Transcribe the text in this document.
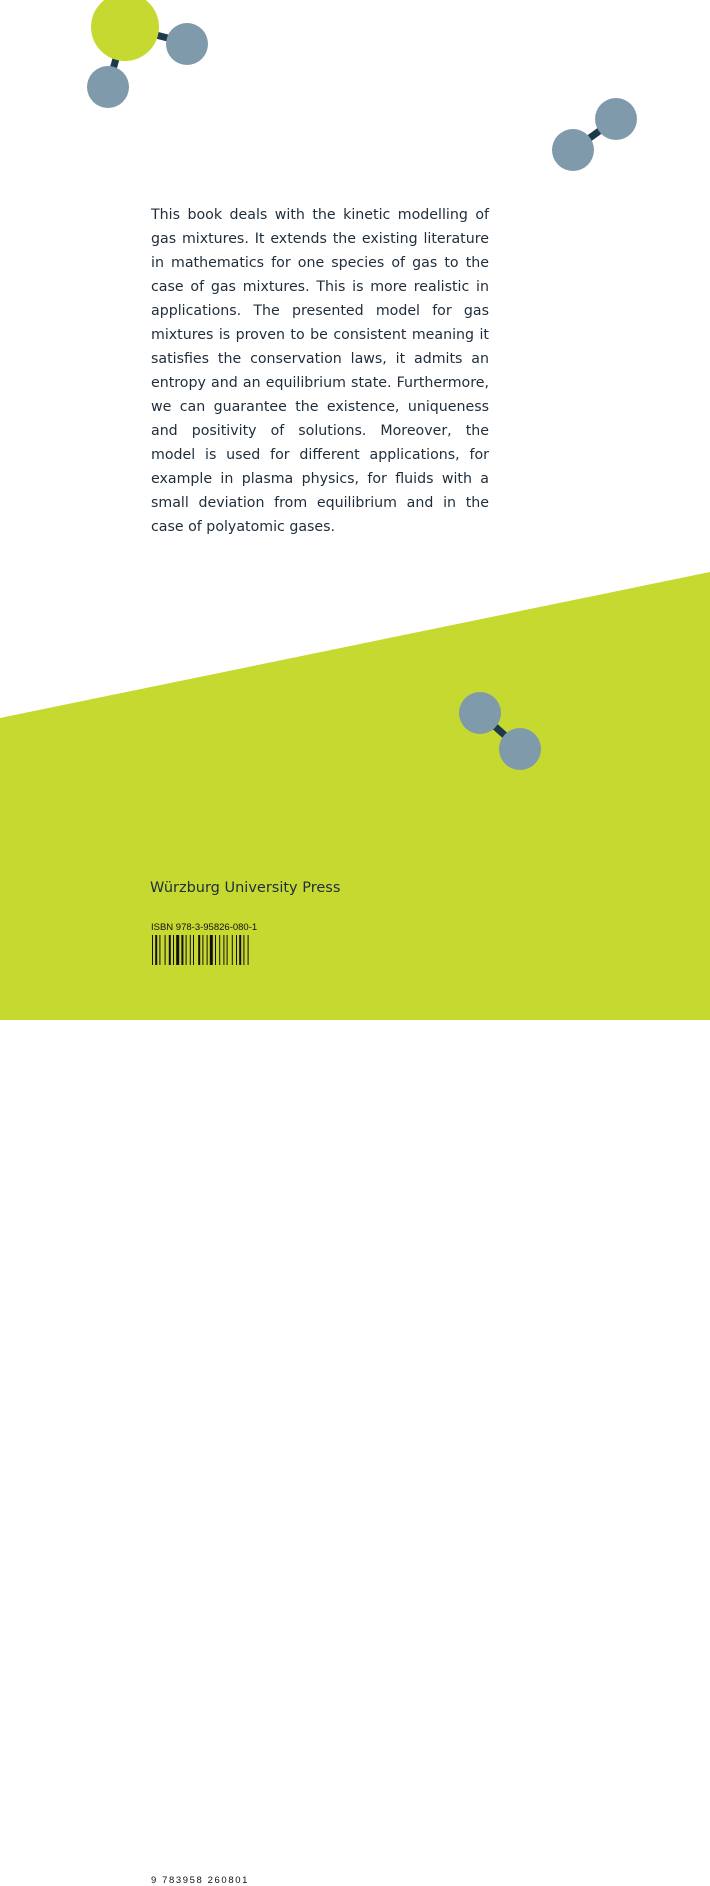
This book deals with the kinetic modelling of gas mixtures. It extends the existing literature in mathematics for one species of gas to the case of gas mixtures. This is more realistic in applications. The presented model for gas mixtures is proven to be consistent meaning it satisfies the conservation laws, it admits an entropy and an equilibrium state. Furthermore, we can guarantee the existence, uniqueness and positivity of solutions. Moreover, the model is used for different applications, for example in plasma physics, for fluids with a small deviation from equilibrium and in the case of polyatomic gases.

Würzburg University Press
ISBN 978-3-95826-080-1
9 783958 260801
